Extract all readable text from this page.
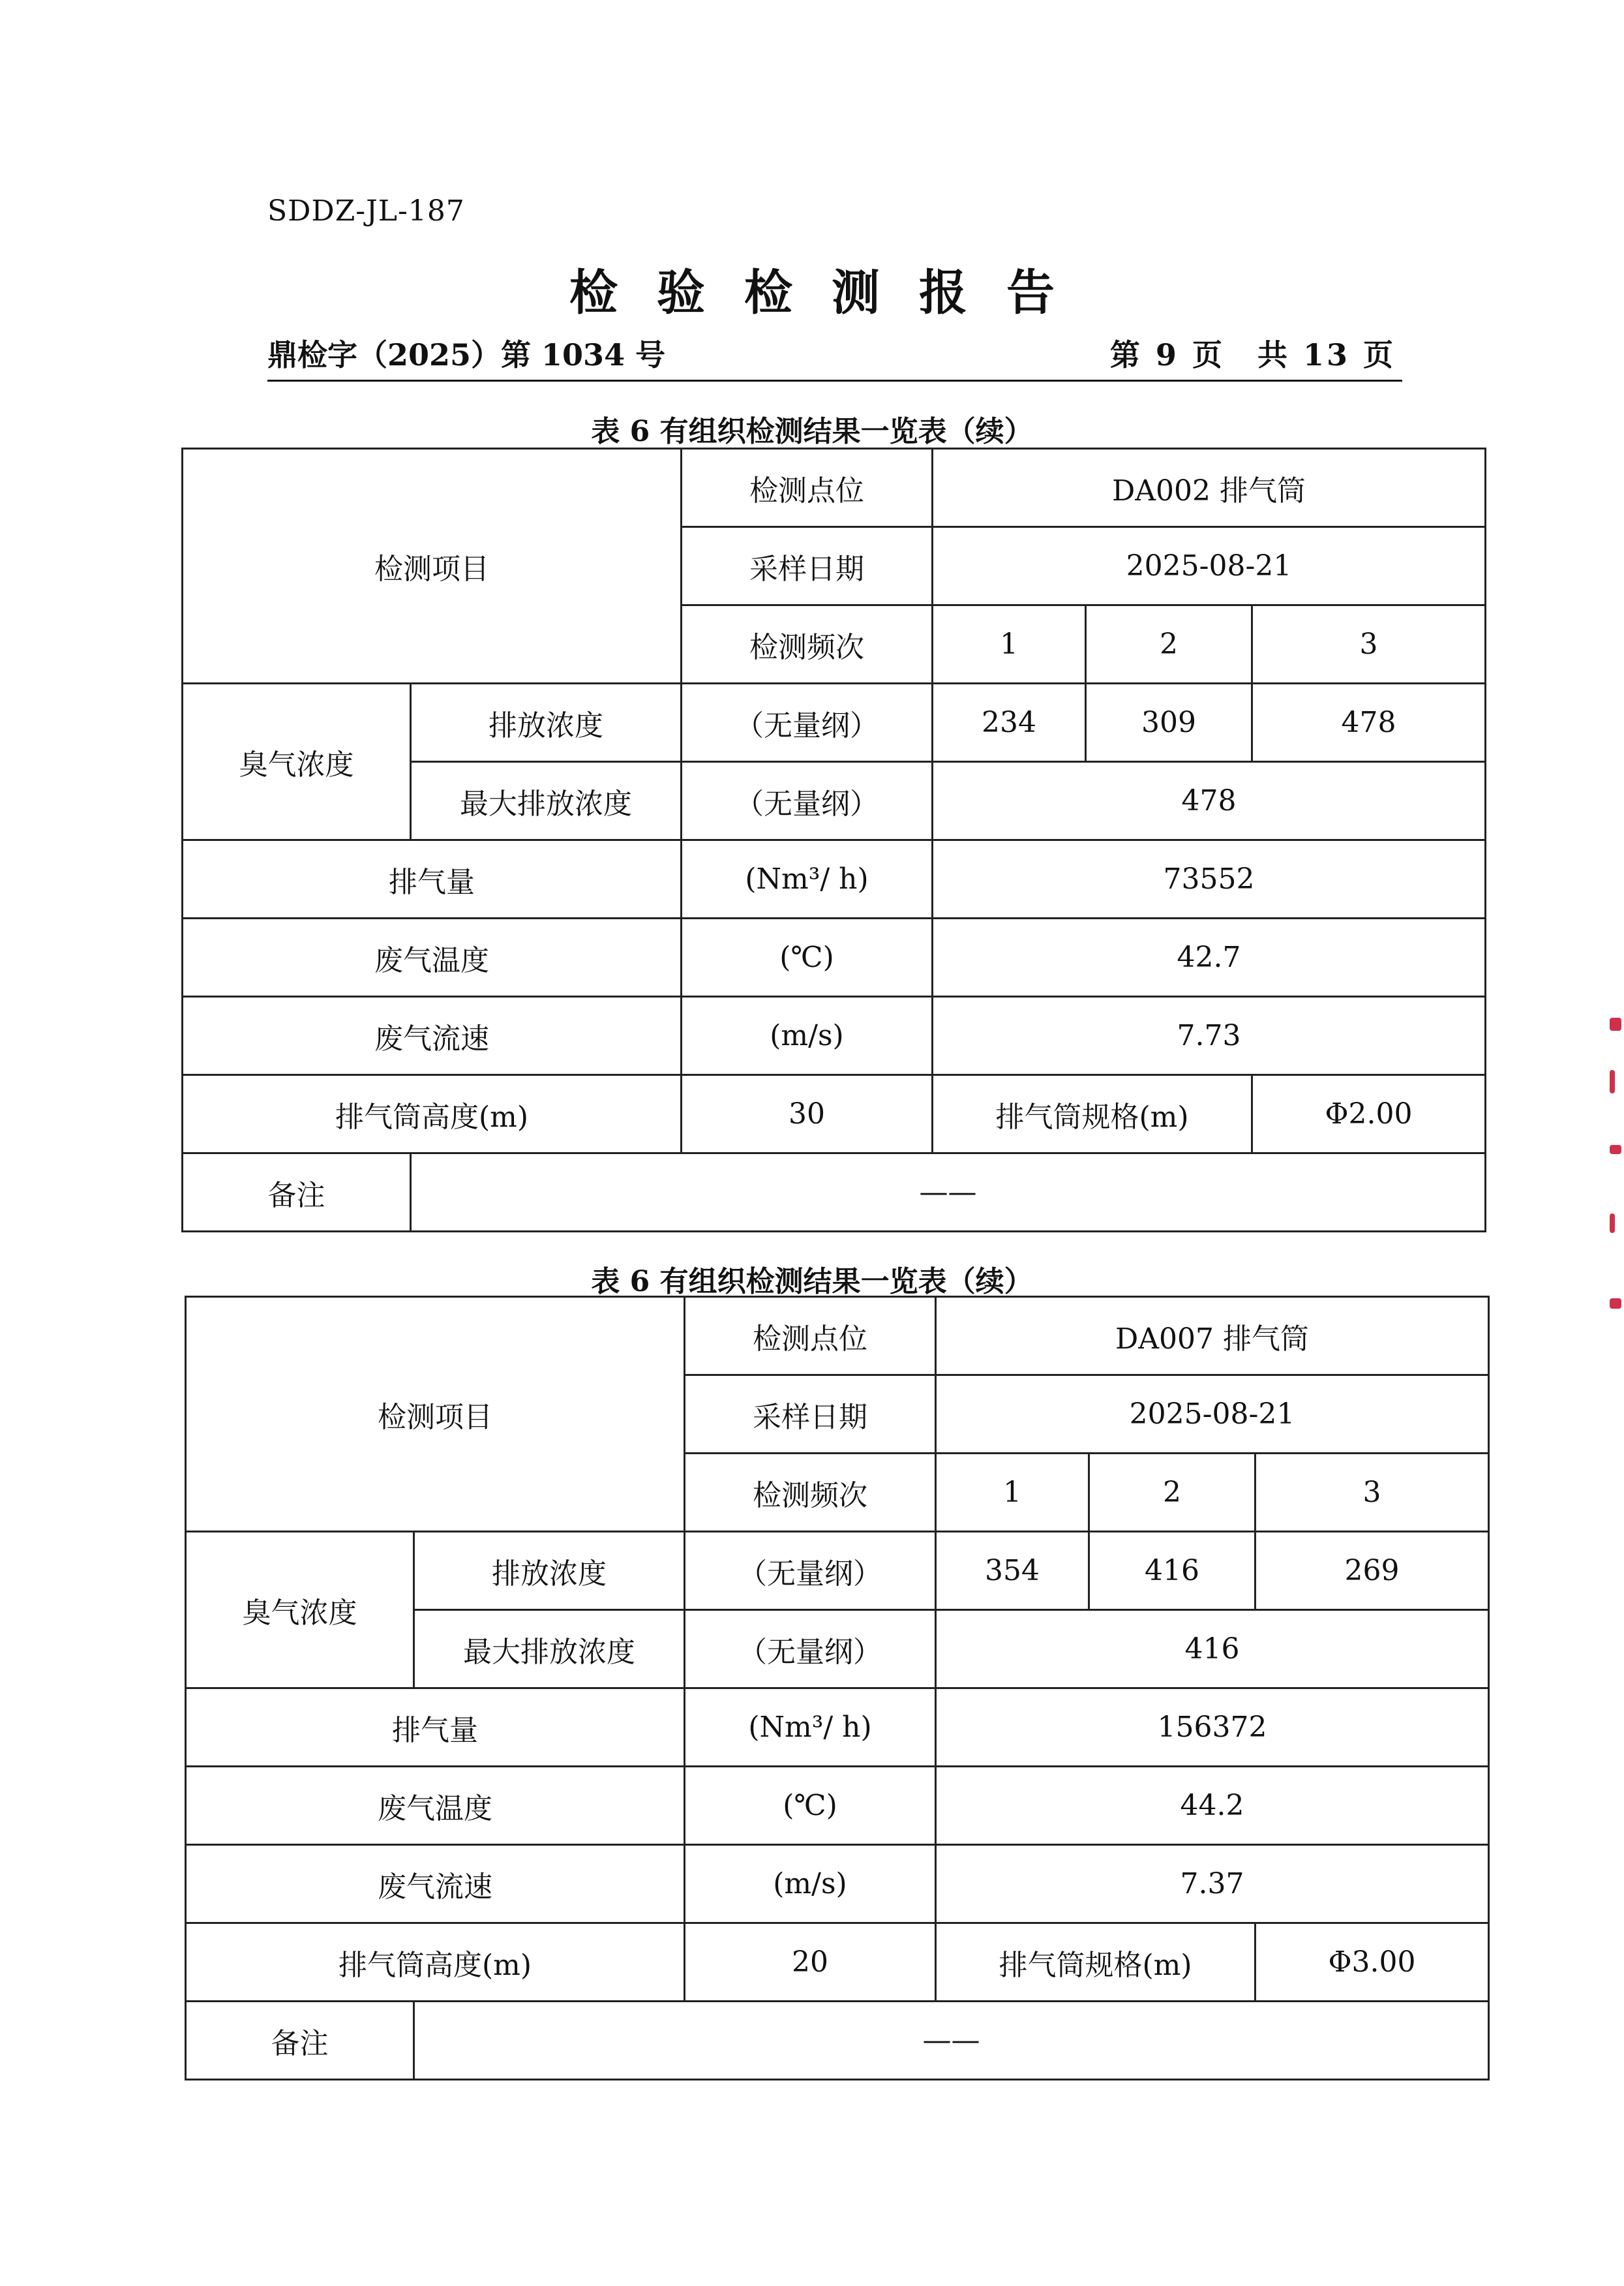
SDDZ-JL-187
检验检测报告
鼎检字（2025）第 1034 号	第 9 页　共 13 页
表 6 有组织检测结果一览表（续）
检测项目		检测点位	DA002 排气筒		
		采样日期	2025-08-21		
		检测频次	1	2	3
臭气浓度	排放浓度	（无量纲）	234	309	478
	最大排放浓度	（无量纲）	478		
排气量		(Nm³/ h)	73552		
废气温度		(℃)	42.7		
废气流速		(m/s)	7.73		
排气筒高度(m)		30	排气筒规格(m)		Φ2.00
备注	——				
表 6 有组织检测结果一览表（续）
检测项目		检测点位	DA007 排气筒		
		采样日期	2025-08-21		
		检测频次	1	2	3
臭气浓度	排放浓度	（无量纲）	354	416	269
	最大排放浓度	（无量纲）	416		
排气量		(Nm³/ h)	156372		
废气温度		(℃)	44.2		
废气流速		(m/s)	7.37		
排气筒高度(m)		20	排气筒规格(m)		Φ3.00
备注	——				
